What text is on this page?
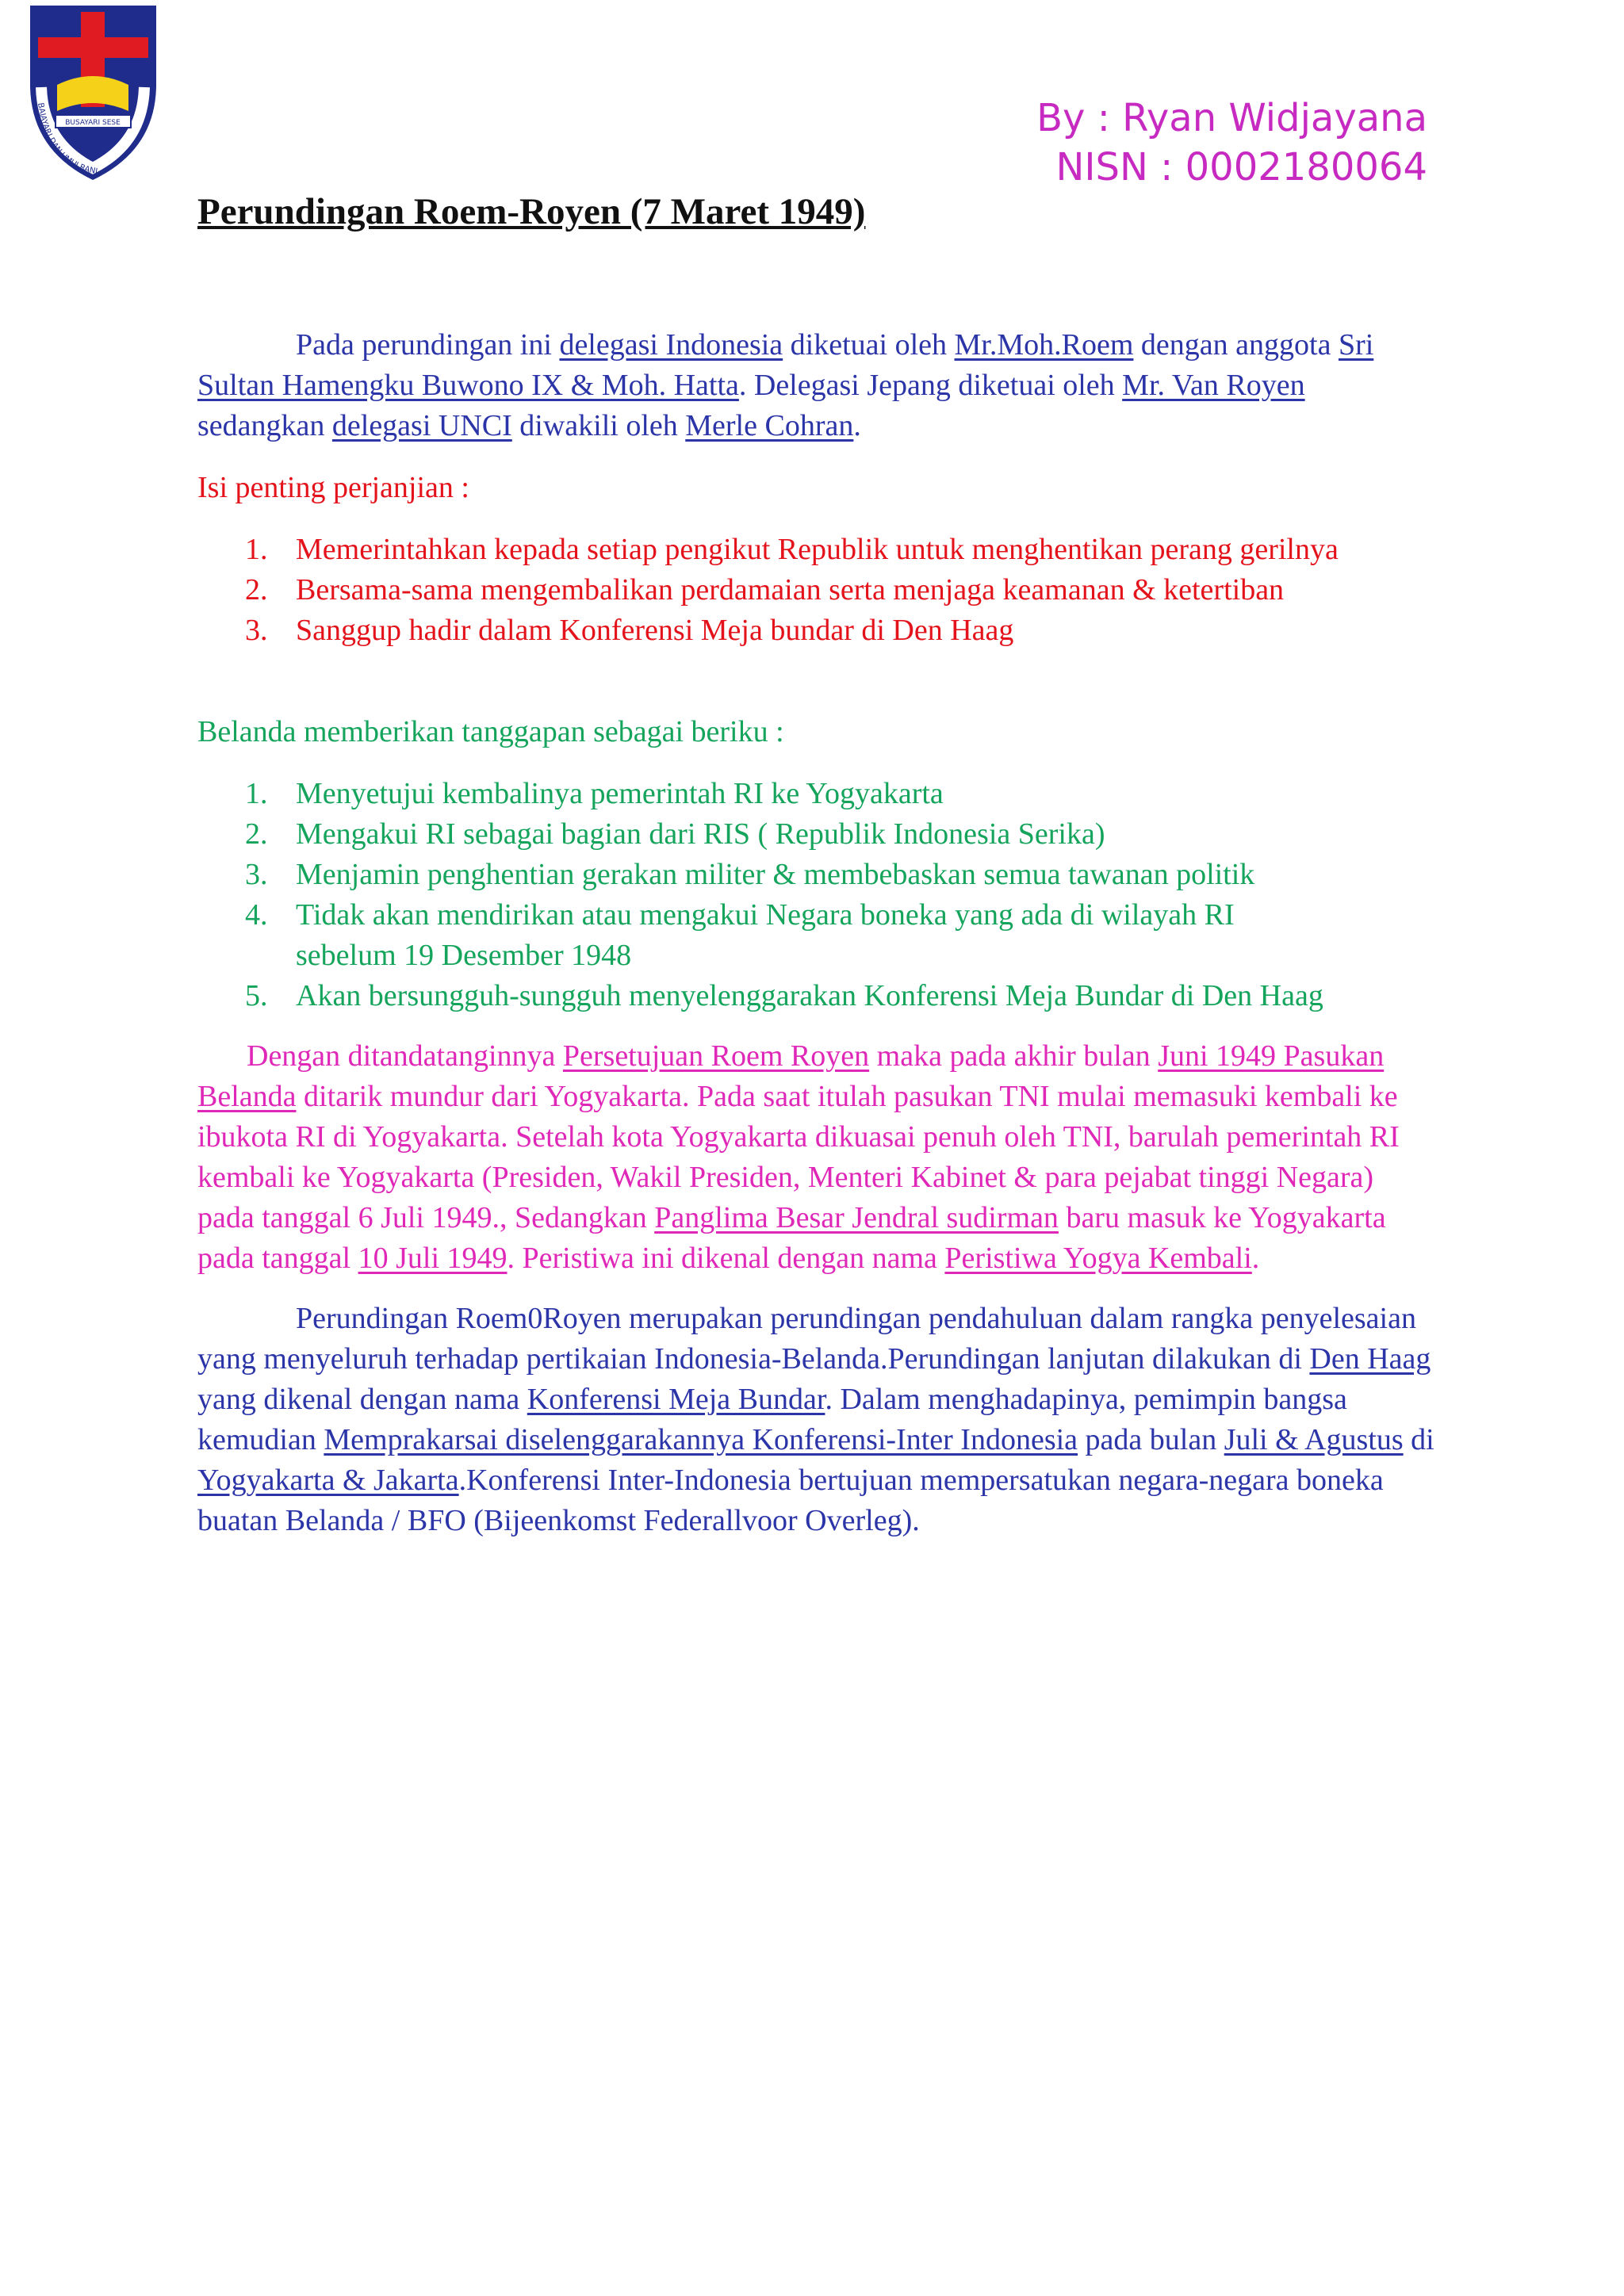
BUSAYARI SESE
BAJAYARI DAN UMUI RANI
By : Ryan Widjayana
NISN : 0002180064
Perundingan Roem-Royen (7 Maret 1949)

Pada perundingan ini delegasi Indonesia diketuai oleh Mr.Moh.Roem dengan anggota Sri Sultan Hamengku Buwono IX & Moh. Hatta. Delegasi Jepang diketuai oleh Mr. Van Royen sedangkan delegasi UNCI diwakili oleh Merle Cohran.

Isi penting perjanjian :

1. Memerintahkan kepada setiap pengikut Republik untuk menghentikan perang gerilnya
2. Bersama-sama mengembalikan perdamaian serta menjaga keamanan & ketertiban
3. Sanggup hadir dalam Konferensi Meja bundar di Den Haag

Belanda memberikan tanggapan sebagai beriku :

1. Menyetujui kembalinya pemerintah RI ke Yogyakarta
2. Mengakui RI sebagai bagian dari RIS ( Republik Indonesia Serika)
3. Menjamin penghentian gerakan militer & membebaskan semua tawanan politik
4. Tidak akan mendirikan atau mengakui Negara boneka yang ada di wilayah RI sebelum 19 Desember 1948
5. Akan bersungguh-sungguh menyelenggarakan Konferensi Meja Bundar di Den Haag

Dengan ditandatanginnya Persetujuan Roem Royen maka pada akhir bulan Juni 1949 Pasukan Belanda ditarik mundur dari Yogyakarta. Pada saat itulah pasukan TNI mulai memasuki kembali ke ibukota RI di Yogyakarta. Setelah kota Yogyakarta dikuasai penuh oleh TNI, barulah pemerintah RI kembali ke Yogyakarta (Presiden, Wakil Presiden, Menteri Kabinet & para pejabat tinggi Negara) pada tanggal 6 Juli 1949., Sedangkan Panglima Besar Jendral sudirman baru masuk ke Yogyakarta pada tanggal 10 Juli 1949. Peristiwa ini dikenal dengan nama Peristiwa Yogya Kembali.

Perundingan Roem0Royen merupakan perundingan pendahuluan dalam rangka penyelesaian yang menyeluruh terhadap pertikaian Indonesia-Belanda.Perundingan lanjutan dilakukan di Den Haag yang dikenal dengan nama Konferensi Meja Bundar. Dalam menghadapinya, pemimpin bangsa kemudian Memprakarsai diselenggarakannya Konferensi-Inter Indonesia pada bulan Juli & Agustus di Yogyakarta & Jakarta.Konferensi Inter-Indonesia bertujuan mempersatukan negara-negara boneka buatan Belanda / BFO (Bijeenkomst Federallvoor Overleg).
